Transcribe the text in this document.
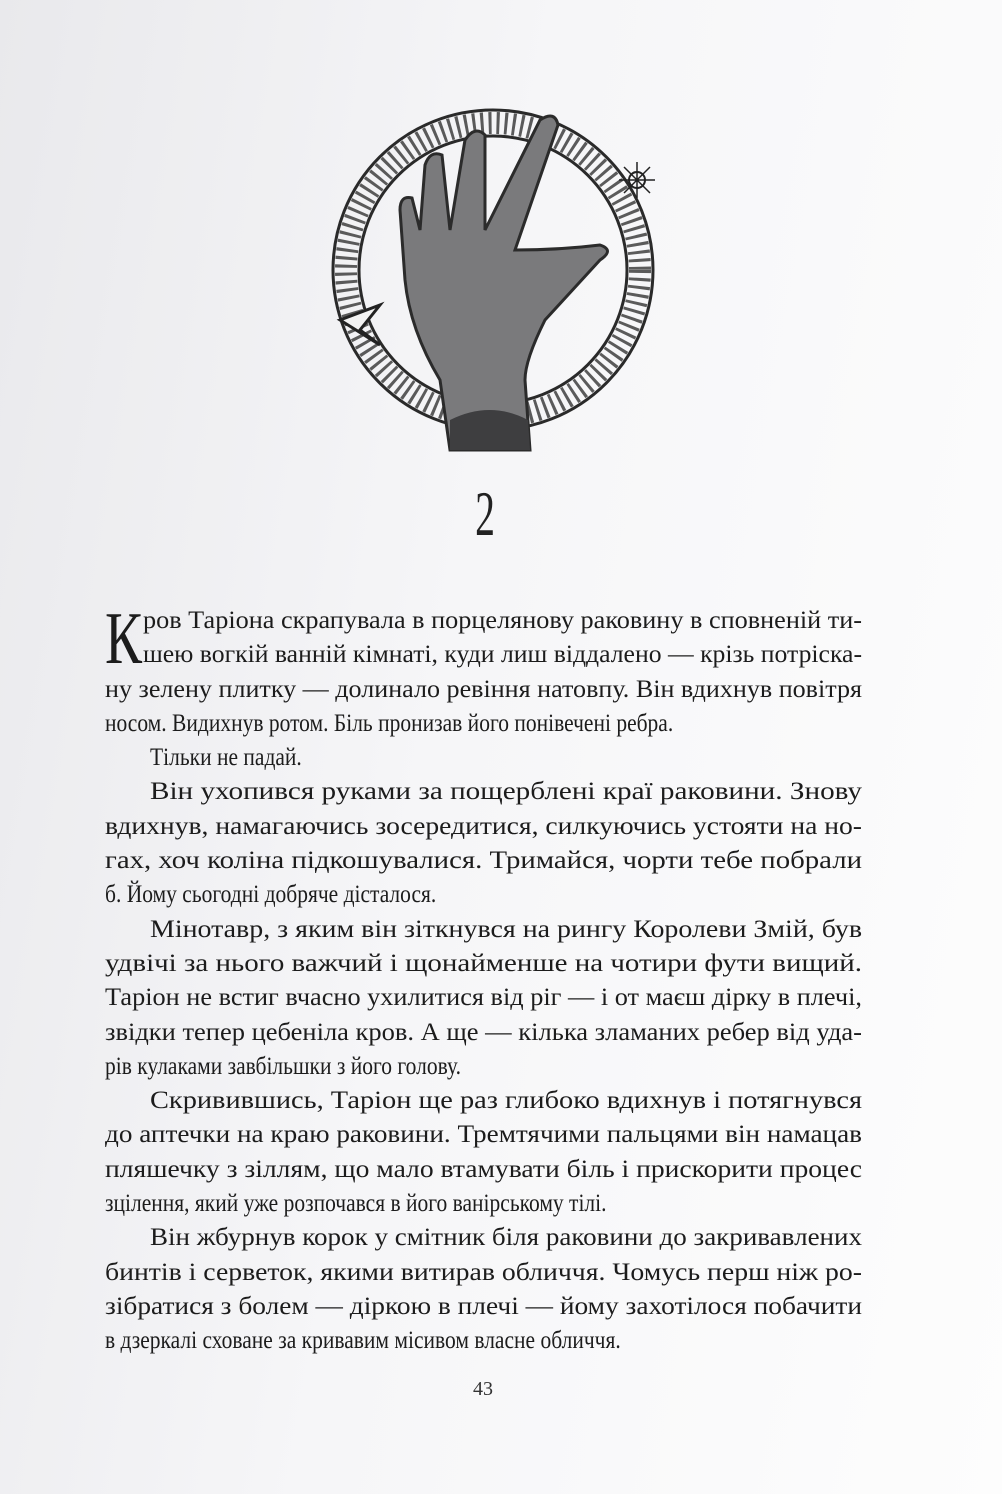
2
К ров Таріона скрапувала в порцелянову раковину в сповненій ти-
шею вогкій ванній кімнаті, куди лиш віддалено — крізь потріска-
ну зелену плитку — долинало ревіння натовпу. Він вдихнув повітря
носом. Видихнув ротом. Біль пронизав його понівечені ребра.
Тільки не падай.
Він ухопився руками за пощерблені краї раковини. Знову
вдихнув, намагаючись зосередитися, силкуючись устояти на но-
гах, хоч коліна підкошувалися. Тримайся, чорти тебе побрали
б. Йому сьогодні добряче дісталося.
Мінотавр, з яким він зіткнувся на рингу Королеви Змій, був
удвічі за нього важчий і щонайменше на чотири фути вищий.
Таріон не встиг вчасно ухилитися від ріг — і от маєш дірку в плечі,
звідки тепер цебеніла кров. А ще — кілька зламаних ребер від уда-
рів кулаками завбільшки з його голову.
Скривившись, Таріон ще раз глибоко вдихнув і потягнувся
до аптечки на краю раковини. Тремтячими пальцями він намацав
пляшечку з зіллям, що мало втамувати біль і прискорити процес
зцілення, який уже розпочався в його ванірському тілі.
Він жбурнув корок у смітник біля раковини до закривавлених
бинтів і серветок, якими витирав обличчя. Чомусь перш ніж ро-
зібратися з болем — діркою в плечі — йому захотілося побачити
в дзеркалі сховане за кривавим місивом власне обличчя.
43
